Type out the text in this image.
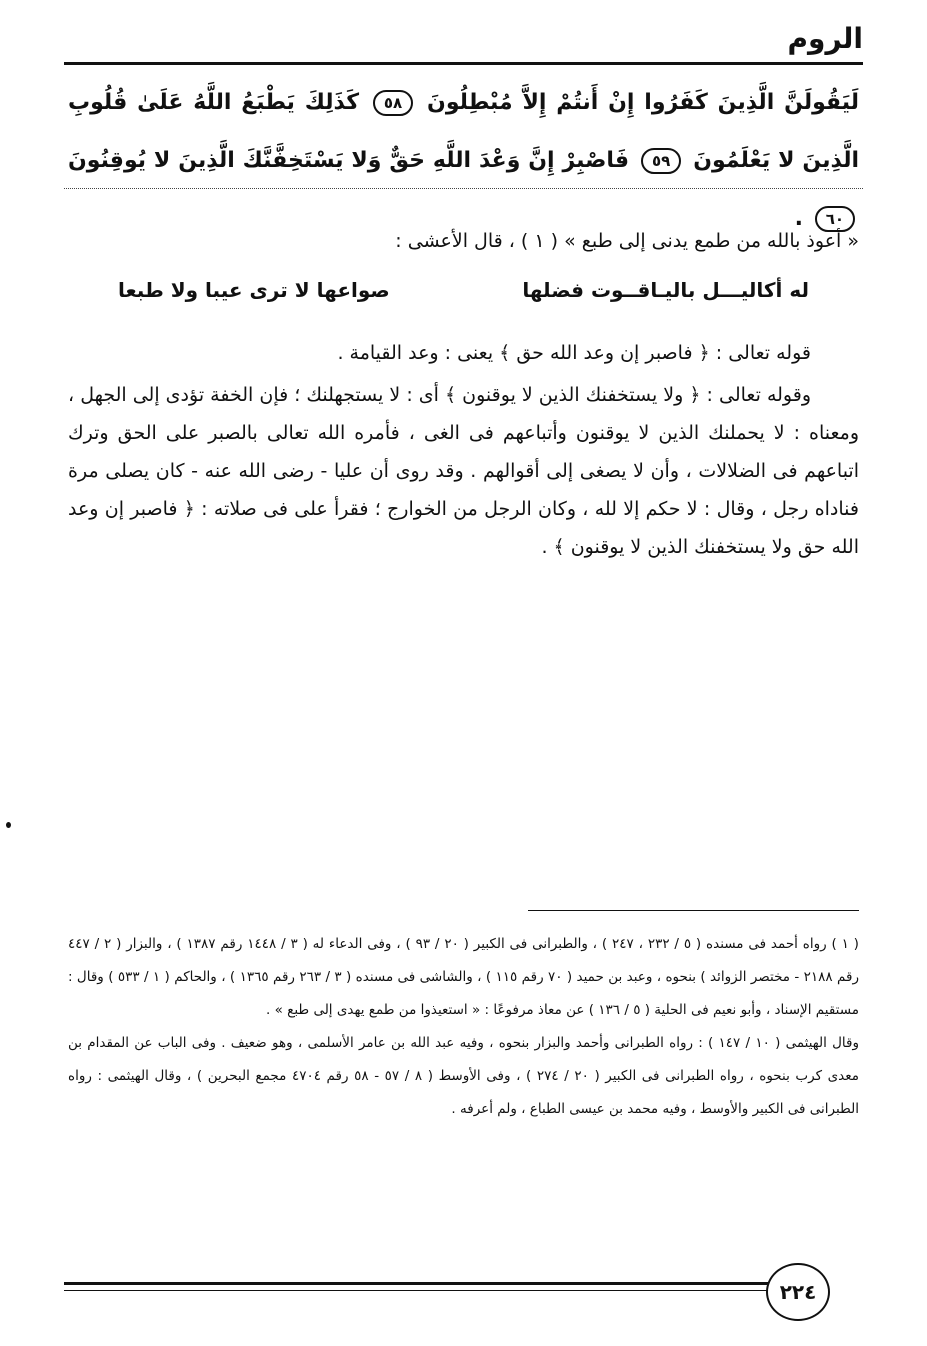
الروم
لَيَقُولَنَّ الَّذِينَ كَفَرُوا إِنْ أَنتُمْ إِلاَّ مُبْطِلُونَ ٥٨ كَذَلِكَ يَطْبَعُ اللَّهُ عَلَىٰ قُلُوبِ الَّذِينَ لا يَعْلَمُونَ ٥٩ فَاصْبِرْ إِنَّ وَعْدَ اللَّهِ حَقٌّ وَلا يَسْتَخِفَّنَّكَ الَّذِينَ لا يُوقِنُونَ ٦٠ .

« أعوذ بالله من طمع يدنى إلى طبع » ( ١ ) ، قال الأعشى :

له أكاليـــل باليـاقــوت فضلها
صواعها لا ترى عيبا ولا طبعا

قوله تعالى : ﴿ فاصبر إن وعد الله حق ﴾ يعنى : وعد القيامة .

وقوله تعالى : ﴿ ولا يستخفنك الذين لا يوقنون ﴾ أى : لا يستجهلنك ؛ فإن الخفة تؤدى إلى الجهل ، ومعناه : لا يحملنك الذين لا يوقنون وأتباعهم فى الغى ، فأمره الله تعالى بالصبر على الحق وترك اتباعهم فى الضلالات ، وأن لا يصغى إلى أقوالهم . وقد روى أن عليا - رضى الله عنه - كان يصلى مرة فناداه رجل ، وقال : لا حكم إلا لله ، وكان الرجل من الخوارج ؛ فقرأ على فى صلاته : ﴿ فاصبر إن وعد الله حق ولا يستخفنك الذين لا يوقنون ﴾ .

( ١ ) رواه أحمد فى مسنده ( ٥ / ٢٣٢ ، ٢٤٧ ) ، والطبرانى فى الكبير ( ٢٠ / ٩٣ ) ، وفى الدعاء له ( ٣ / ١٤٤٨ رقم ١٣٨٧ ) ، والبزار ( ٢ / ٤٤٧ رقم ٢١٨٨ - مختصر الزوائد ) بنحوه ، وعبد بن حميد ( ٧٠ رقم ١١٥ ) ، والشاشى فى مسنده ( ٣ / ٢٦٣ رقم ١٣٦٥ ) ، والحاكم ( ١ / ٥٣٣ ) وقال : مستقيم الإسناد ، وأبو نعيم فى الحلية ( ٥ / ١٣٦ ) عن معاذ مرفوعًا : « استعيذوا من طمع يهدى إلى طبع » .

وقال الهيثمى ( ١٠ / ١٤٧ ) : رواه الطبرانى وأحمد والبزار بنحوه ، وفيه عبد الله بن عامر الأسلمى ، وهو ضعيف . وفى الباب عن المقدام بن معدى كرب بنحوه ، رواه الطبرانى فى الكبير ( ٢٠ / ٢٧٤ ) ، وفى الأوسط ( ٨ / ٥٧ - ٥٨ رقم ٤٧٠٤ مجمع البحرين ) ، وقال الهيثمى : رواه الطبرانى فى الكبير والأوسط ، وفيه محمد بن عيسى الطباع ، ولم أعرفه .

٢٢٤
